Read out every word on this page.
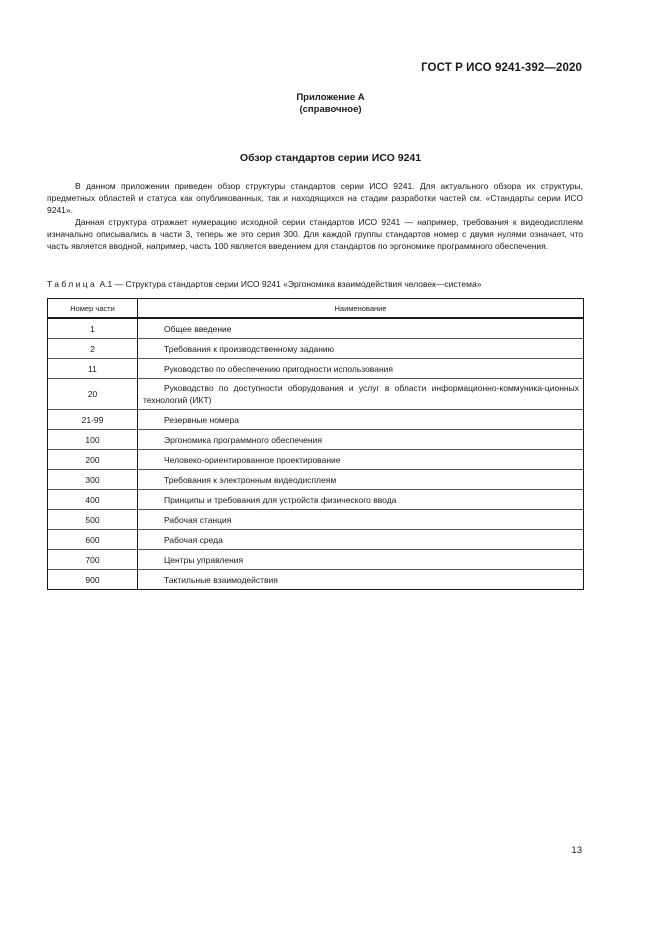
ГОСТ Р ИСО 9241-392—2020
Приложение А
(справочное)
Обзор стандартов серии ИСО 9241

В данном приложении приведен обзор структуры стандартов серии ИСО 9241. Для актуального обзора их структуры, предметных областей и статуса как опубликованных, так и находящихся на стадии разработки частей см. «Стандарты серии ИСО 9241».

Данная структура отражает нумерацию исходной серии стандартов ИСО 9241 — например, требования к видеодисплеям изначально описывались в части 3, теперь же это серия 300. Для каждой группы стандартов номер с двумя нулями означает, что часть является вводной, например, часть 100 является введением для стандартов по эргономике программного обеспечения.

Таблица А.1 — Структура стандартов серии ИСО 9241 «Эргономика взаимодействия человек—система»
Номер части	Наименование
1	Общее введение

2	Требования к производственному заданию

11	Руководство по обеспечению пригодности использования

20	Руководство по доступности оборудования и услуг в области информационно-коммуника-ционных технологий (ИКТ)

21-99	Резервные номера

100	Эргономика программного обеспечения

200	Человеко-ориентированное проектирование

300	Требования к электронным видеодисплеям

400	Принципы и требования для устройств физического ввода

500	Рабочая станция

600	Рабочая среда

700	Центры управления

900	Тактильные взаимодействия
13
